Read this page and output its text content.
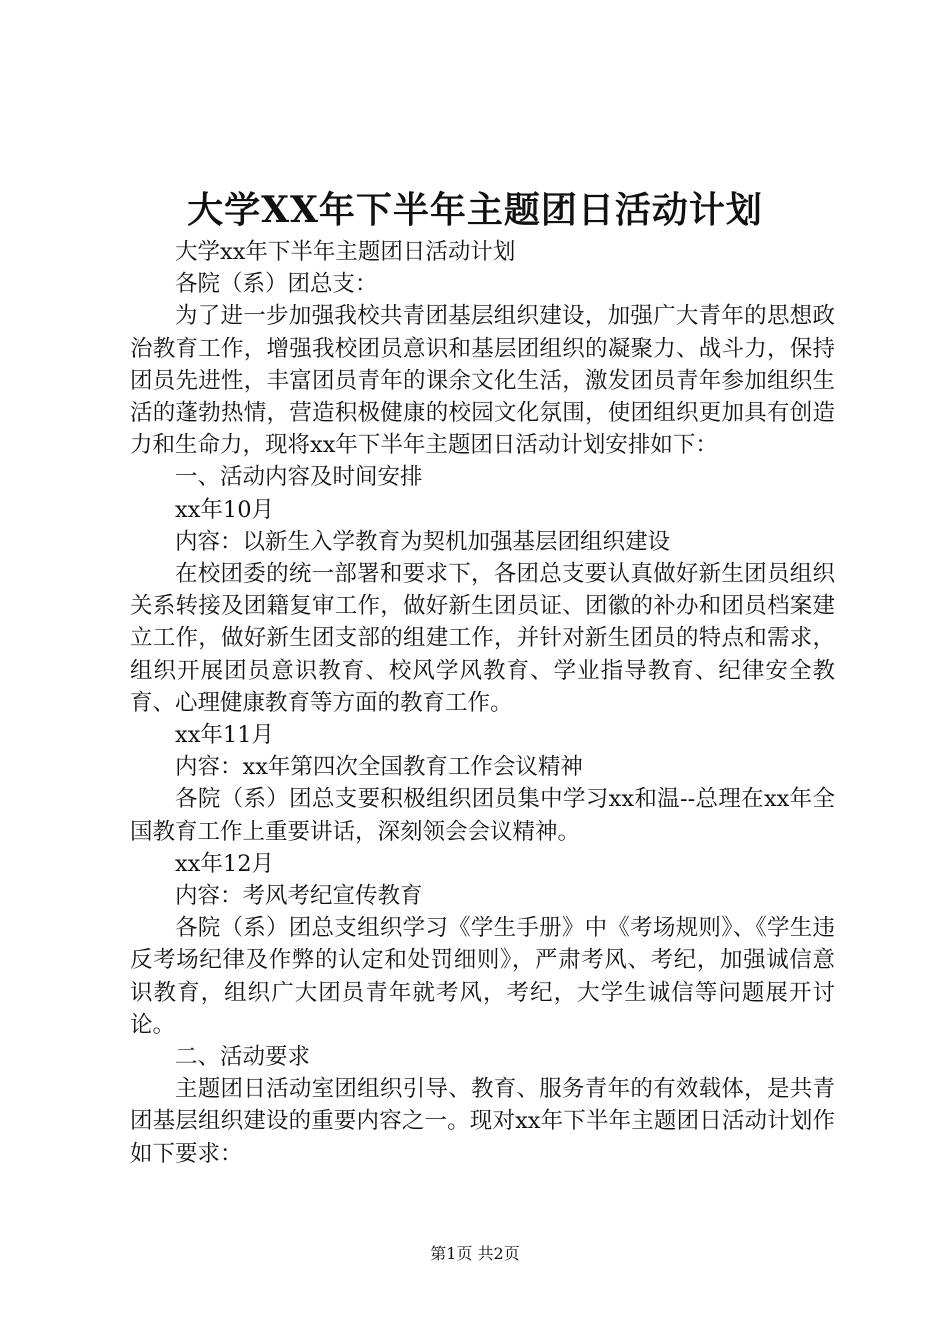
大学XX年下半年主题团日活动计划

大学xx年下半年主题团日活动计划

各院（系）团总支：

为了进一步加强我校共青团基层组织建设，加强广大青年的思想政治教育工作，增强我校团员意识和基层团组织的凝聚力、战斗力，保持团员先进性，丰富团员青年的课余文化生活，激发团员青年参加组织生活的蓬勃热情，营造积极健康的校园文化氛围，使团组织更加具有创造力和生命力，现将xx年下半年主题团日活动计划安排如下：

一、活动内容及时间安排

xx年10月

内容：以新生入学教育为契机加强基层团组织建设

在校团委的统一部署和要求下，各团总支要认真做好新生团员组织关系转接及团籍复审工作，做好新生团员证、团徽的补办和团员档案建立工作，做好新生团支部的组建工作，并针对新生团员的特点和需求，组织开展团员意识教育、校风学风教育、学业指导教育、纪律安全教育、心理健康教育等方面的教育工作。

xx年11月

内容：xx年第四次全国教育工作会议精神

各院（系）团总支要积极组织团员集中学习xx和温--总理在xx年全国教育工作上重要讲话，深刻领会会议精神。

xx年12月

内容：考风考纪宣传教育

各院（系）团总支组织学习《学生手册》中《考场规则》、《学生违反考场纪律及作弊的认定和处罚细则》，严肃考风、考纪，加强诚信意识教育，组织广大团员青年就考风，考纪，大学生诚信等问题展开讨论。

二、活动要求

主题团日活动室团组织引导、教育、服务青年的有效载体，是共青团基层组织建设的重要内容之一。现对xx年下半年主题团日活动计划作如下要求：

第1页 共2页
